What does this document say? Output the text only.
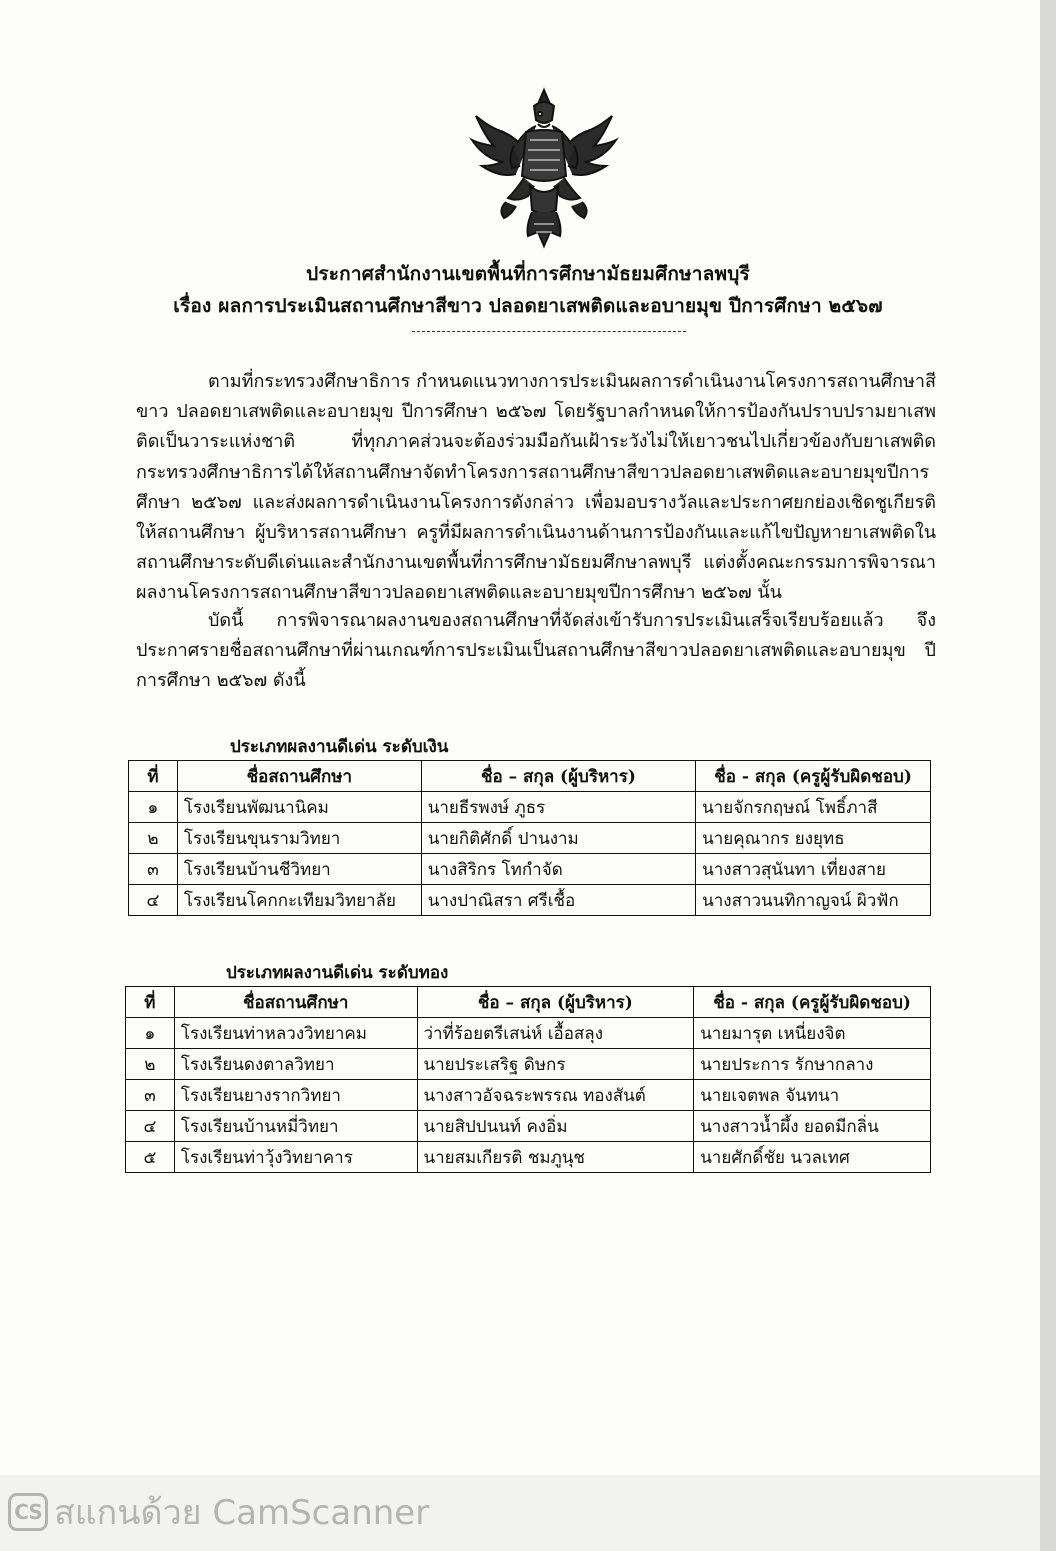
ประกาศสำนักงานเขตพื้นที่การศึกษามัธยมศึกษาลพบุรี
เรื่อง ผลการประเมินสถานศึกษาสีขาว ปลอดยาเสพติดและอบายมุข ปีการศึกษา ๒๕๖๗
ตามที่กระทรวงศึกษาธิการ กำหนดแนวทางการประเมินผลการดำเนินงานโครงการสถานศึกษาสีขาว ปลอดยาเสพติดและอบายมุข ปีการศึกษา ๒๕๖๗ โดยรัฐบาลกำหนดให้การป้องกันปราบปรามยาเสพติดเป็นวาระแห่งชาติ ที่ทุกภาคส่วนจะต้องร่วมมือกันเฝ้าระวังไม่ให้เยาวชนไปเกี่ยวข้องกับยาเสพติดกระทรวงศึกษาธิการได้ให้สถานศึกษาจัดทำโครงการสถานศึกษาสีขาวปลอดยาเสพติดและอบายมุขปีการศึกษา ๒๕๖๗ และส่งผลการดำเนินงานโครงการดังกล่าว เพื่อมอบรางวัลและประกาศยกย่องเชิดชูเกียรติให้สถานศึกษา ผู้บริหารสถานศึกษา ครูที่มีผลการดำเนินงานด้านการป้องกันและแก้ไขปัญหายาเสพติดในสถานศึกษาระดับดีเด่นและสำนักงานเขตพื้นที่การศึกษามัธยมศึกษาลพบุรี แต่งตั้งคณะกรรมการพิจารณาผลงานโครงการสถานศึกษาสีขาวปลอดยาเสพติดและอบายมุขปีการศึกษา ๒๕๖๗ นั้น
บัดนี้ การพิจารณาผลงานของสถานศึกษาที่จัดส่งเข้ารับการประเมินเสร็จเรียบร้อยแล้ว จึงประกาศรายชื่อสถานศึกษาที่ผ่านเกณฑ์การประเมินเป็นสถานศึกษาสีขาวปลอดยาเสพติดและอบายมุข ปีการศึกษา ๒๕๖๗ ดังนี้
ประเภทผลงานดีเด่น ระดับเงิน
ที่	ชื่อสถานศึกษา	ชื่อ – สกุล (ผู้บริหาร)	ชื่อ - สกุล (ครูผู้รับผิดชอบ)
๑	โรงเรียนพัฒนานิคม	นายธีรพงษ์ ภูธร	นายจักรกฤษณ์ โพธิ์ภาสี
๒	โรงเรียนขุนรามวิทยา	นายกิติศักดิ์ ปานงาม	นายคุณากร ยงยุทธ
๓	โรงเรียนบ้านชีวิทยา	นางสิริกร โทกำจัด	นางสาวสุนันทา เที่ยงสาย
๔	โรงเรียนโคกกะเทียมวิทยาลัย	นางปาณิสรา ศรีเชื้อ	นางสาวนนทิกาญจน์ ผิวฟัก
ประเภทผลงานดีเด่น ระดับทอง
ที่	ชื่อสถานศึกษา	ชื่อ – สกุล (ผู้บริหาร)	ชื่อ - สกุล (ครูผู้รับผิดชอบ)
๑	โรงเรียนท่าหลวงวิทยาคม	ว่าที่ร้อยตรีเสน่ห์ เอื้อสลุง	นายมารุต เหนี่ยงจิต
๒	โรงเรียนดงตาลวิทยา	นายประเสริฐ ดิษกร	นายประการ รักษากลาง
๓	โรงเรียนยางรากวิทยา	นางสาวอัจฉระพรรณ ทองสันต์	นายเจตพล จันทนา
๔	โรงเรียนบ้านหมี่วิทยา	นายสิปปนนท์ คงอิ่ม	นางสาวน้ำผึ้ง ยอดมีกลิ่น
๕	โรงเรียนท่าวุ้งวิทยาคาร	นายสมเกียรติ ชมภูนุช	นายศักดิ์ชัย นวลเทศ
CS สแกนด้วย CamScanner
